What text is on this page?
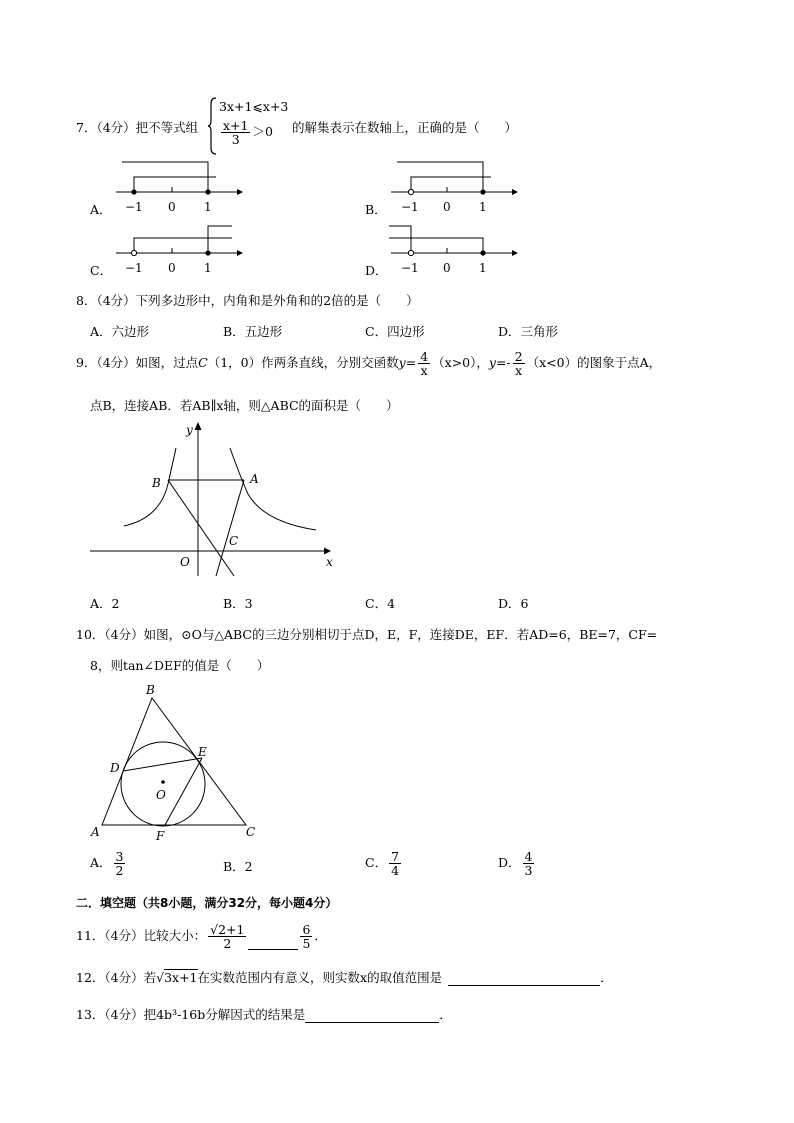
7．（4分）把不等式组
3x+1⩽x+3
$\frac{x+1}{3} >0$ 的解集表示在数轴上，正确的是（　　）
A． −1 0 1	B． −1 0 1
C． −1 0 1	D． −1 0 1
8．（4分）下列多边形中，内角和是外角和的2倍的是（　　）
A．六边形	B．五边形	C．四边形	D．三角形
9．（4分）如图，过点C（1，0）作两条直线，分别交函数$y= \frac{4}{x} (x>0)$，$y=- \frac{2}{x} (x<0)$的图象于点A，
点B，连接AB．若AB∥x轴，则△ABC的面积是（　　）
B	A
C
O	x
y
A．2	B．3	C．4	D．6
10．（4分）如图，⊙O与△ABC的三边分别相切于点D，E，F，连接DE，EF．若AD=6，BE=7，CF=
8，则tan∠DEF的值是（　　）
B
A	C
D
E
F
O
A． $\frac{3}{2}$	B．2	C． $\frac{7}{4}$	D． $\frac{4}{3}$
二．填空题（共8小题，满分32分，每小题4分）
11．（4分）比较大小： $\frac{√2+1}{2}$	$\frac{6}{5}$ ．
12．（4分）若√3x+1在实数范围内有意义，则实数x的取值范围是	．
13．（4分）把4b³-16b分解因式的结果是	．
